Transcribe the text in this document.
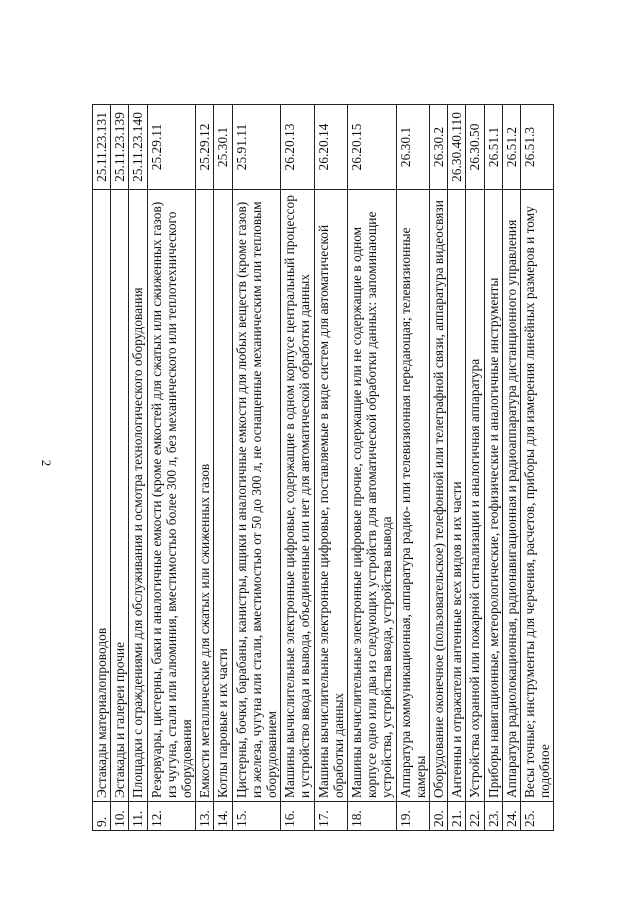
2
9.	Эстакады материалопроводов	25.11.23.131
10.	Эстакады и галереи прочие	25.11.23.139
11.	Площадки с ограждениями для обслуживания и осмотра технологического оборудования	25.11.23.140
12.	Резервуары, цистерны, баки и аналогичные емкости (кроме емкостей для сжатых или сжиженных газов) из чугуна, стали или алюминия, вместимостью более 300 л, без механического или теплотехнического оборудования	25.29.11
13.	Емкости металлические для сжатых или сжиженных газов	25.29.12
14.	Котлы паровые и их части	25.30.1
15.	Цистерны, бочки, барабаны, канистры, ящики и аналогичные емкости для любых веществ (кроме газов) из железа, чугуна или стали, вместимостью от 50 до 300 л, не оснащенные механическим или тепловым оборудованием	25.91.11
16.	Машины вычислительные электронные цифровые, содержащие в одном корпусе центральный процессор и устройство ввода и вывода, объединенные или нет для автоматической обработки данных	26.20.13
17.	Машины вычислительные электронные цифровые, поставляемые в виде систем для автоматической обработки данных	26.20.14
18.	Машины вычислительные электронные цифровые прочие, содержащие или не содержащие в одном корпусе одно или два из следующих устройств для автоматической обработки данных: запоминающие устройства, устройства ввода, устройства вывода	26.20.15
19.	Аппаратура коммуникационная, аппаратура радио- или телевизионная передающая; телевизионные камеры	26.30.1
20.	Оборудование оконечное (пользовательское) телефонной или телеграфной связи, аппаратура видеосвязи	26.30.2
21.	Антенны и отражатели антенные всех видов и их части	26.30.40.110
22.	Устройства охранной или пожарной сигнализации и аналогичная аппаратура	26.30.50
23.	Приборы навигационные, метеорологические, геофизические и аналогичные инструменты	26.51.1
24.	Аппаратура радиолокационная, радионавигационная и радиоаппаратура дистанционного управления	26.51.2
25.	Весы точные; инструменты для черчения, расчетов, приборы для измерения линейных размеров и тому подобное	26.51.3
